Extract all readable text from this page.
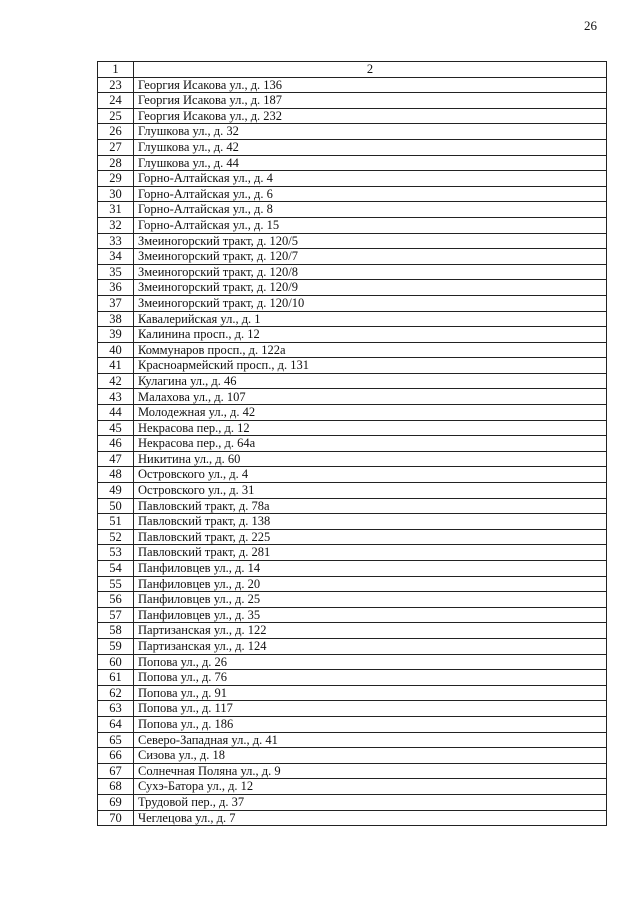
26
1	2
23	Георгия Исакова ул., д. 136
24	Георгия Исакова ул., д. 187
25	Георгия Исакова ул., д. 232
26	Глушкова ул., д. 32
27	Глушкова ул., д. 42
28	Глушкова ул., д. 44
29	Горно-Алтайская ул., д. 4
30	Горно-Алтайская ул., д. 6
31	Горно-Алтайская ул., д. 8
32	Горно-Алтайская ул., д. 15
33	Змеиногорский тракт, д. 120/5
34	Змеиногорский тракт, д. 120/7
35	Змеиногорский тракт, д. 120/8
36	Змеиногорский тракт, д. 120/9
37	Змеиногорский тракт, д. 120/10
38	Кавалерийская ул., д. 1
39	Калинина просп., д. 12
40	Коммунаров просп., д. 122а
41	Красноармейский просп., д. 131
42	Кулагина ул., д. 46
43	Малахова ул., д. 107
44	Молодежная ул., д. 42
45	Некрасова пер., д. 12
46	Некрасова пер., д. 64а
47	Никитина ул., д. 60
48	Островского ул., д. 4
49	Островского ул., д. 31
50	Павловский тракт, д. 78а
51	Павловский тракт, д. 138
52	Павловский тракт, д. 225
53	Павловский тракт, д. 281
54	Панфиловцев ул., д. 14
55	Панфиловцев ул., д. 20
56	Панфиловцев ул., д. 25
57	Панфиловцев ул., д. 35
58	Партизанская ул., д. 122
59	Партизанская ул., д. 124
60	Попова ул., д. 26
61	Попова ул., д. 76
62	Попова ул., д. 91
63	Попова ул., д. 117
64	Попова ул., д. 186
65	Северо-Западная ул., д. 41
66	Сизова ул., д. 18
67	Солнечная Поляна ул., д. 9
68	Сухэ-Батора ул., д. 12
69	Трудовой пер., д. 37
70	Чеглецова ул., д. 7
